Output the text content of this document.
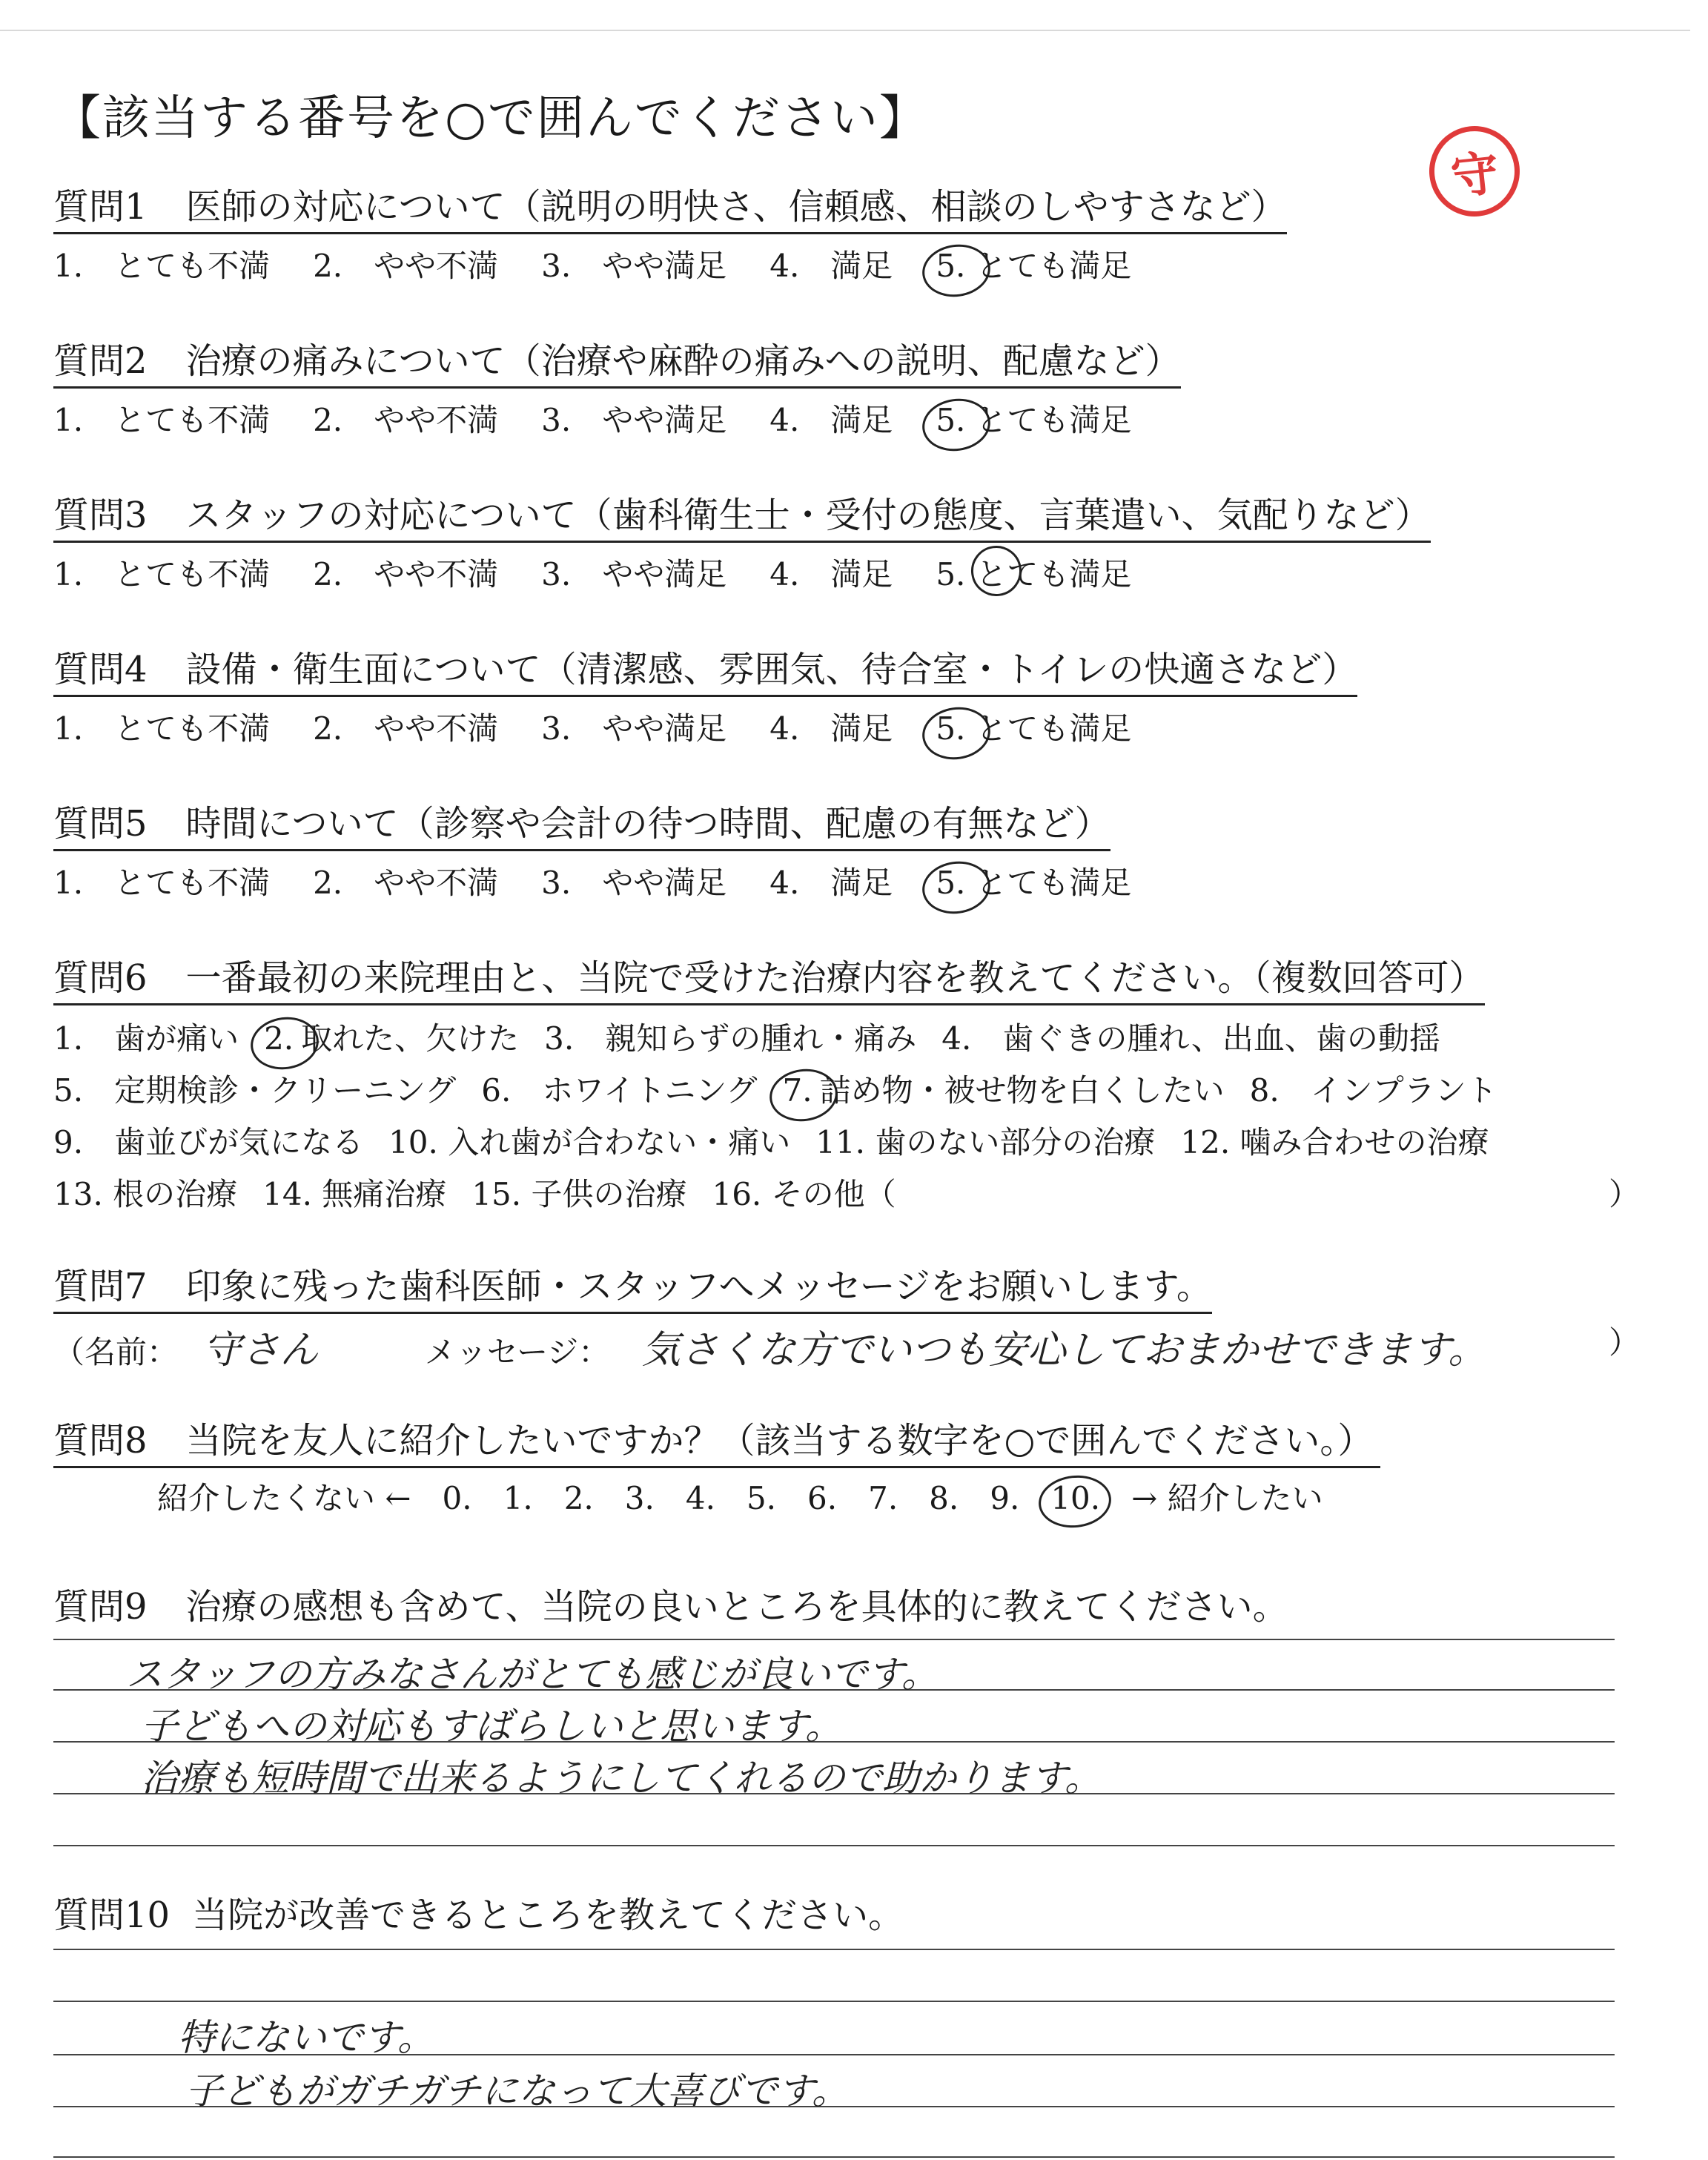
【該当する番号を○で囲んでください】
守
質問1 医師の対応について（説明の明快さ、信頼感、相談のしやすさなど）
1.　とても不満 2.　やや不満 3.　やや満足 4.　満足 5. とても満足
質問2 治療の痛みについて（治療や麻酔の痛みへの説明、配慮など）
1.　とても不満 2.　やや不満 3.　やや満足 4.　満足 5. とても満足
質問3 スタッフの対応について（歯科衛生士・受付の態度、言葉遣い、気配りなど）
1.　とても不満 2.　やや不満 3.　やや満足 4.　満足 5. とても満足
質問4 設備・衛生面について（清潔感、雰囲気、待合室・トイレの快適さなど）
1.　とても不満 2.　やや不満 3.　やや満足 4.　満足 5. とても満足
質問5 時間について（診察や会計の待つ時間、配慮の有無など）
1.　とても不満 2.　やや不満 3.　やや満足 4.　満足 5. とても満足
質問6 一番最初の来院理由と、当院で受けた治療内容を教えてください。（複数回答可）
1.　歯が痛い 2. 取れた、欠けた 3.　親知らずの腫れ・痛み 4.　歯ぐきの腫れ、出血、歯の動揺
5.　定期検診・クリーニング 6.　ホワイトニング 7. 詰め物・被せ物を白くしたい 8.　インプラント
9.　歯並びが気になる 10. 入れ歯が合わない・痛い 11. 歯のない部分の治療 12. 噛み合わせの治療
13. 根の治療 14. 無痛治療 15. 子供の治療 16. その他（	）
質問7 印象に残った歯科医師・スタッフへメッセージをお願いします。
（名前： 守さん	メッセージ： 気さくな方でいつも安心しておまかせできます。	）
質問8 当院を友人に紹介したいですか？（該当する数字を○で囲んでください。）
紹介したくない ← 0. 1. 2. 3. 4. 5. 6. 7. 8. 9. 10. → 紹介したい
質問9 治療の感想も含めて、当院の良いところを具体的に教えてください。
スタッフの方みなさんがとても感じが良いです。
子どもへの対応もすばらしいと思います。
治療も短時間で出来るようにしてくれるので助かります。
質問10 当院が改善できるところを教えてください。
特にないです。
子どもがガチガチになって大喜びです。
